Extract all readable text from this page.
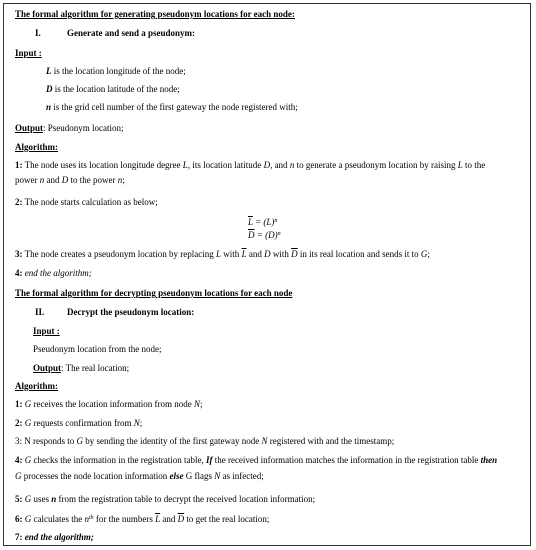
The formal algorithm for generating pseudonym locations for each node:
I.	Generate and send a pseudonym:
Input :
L is the location longitude of the node;
D is the location latitude of the node;
n is the grid cell number of the first gateway the node registered with;
Output: Pseudonym location;
Algorithm:
1: The node uses its location longitude degree L, its location latitude D, and n to generate a pseudonym location by raising L to the
power n and D to the power n;
2: The node starts calculation as below;
$\overline{L} = (L)^n$
$\overline{D} = (D)^n$
3: The node creates a pseudonym location by replacing L with $\overline{L}$ and D with $\overline{D}$ in its real location and sends it to G;
4: end the algorithm;
The formal algorithm for decrypting pseudonym locations for each node
II.	Decrypt the pseudonym location:
Input :
Pseudonym location from the node;
Output: The real location;
Algorithm:
1: G receives the location information from node N;
2: G requests confirmation from N;
3: N responds to G by sending the identity of the first gateway node N registered with and the timestamp;
4: G checks the information in the registration table, If the received information matches the information in the registration table then
G processes the node location information else G flags N as infected;
5: G uses n from the registration table to decrypt the received location information;
6: G calculates the $n^{th}$ for the numbers $\overline{L}$ and $\overline{D}$ to get the real location;
7: end the algorithm;
